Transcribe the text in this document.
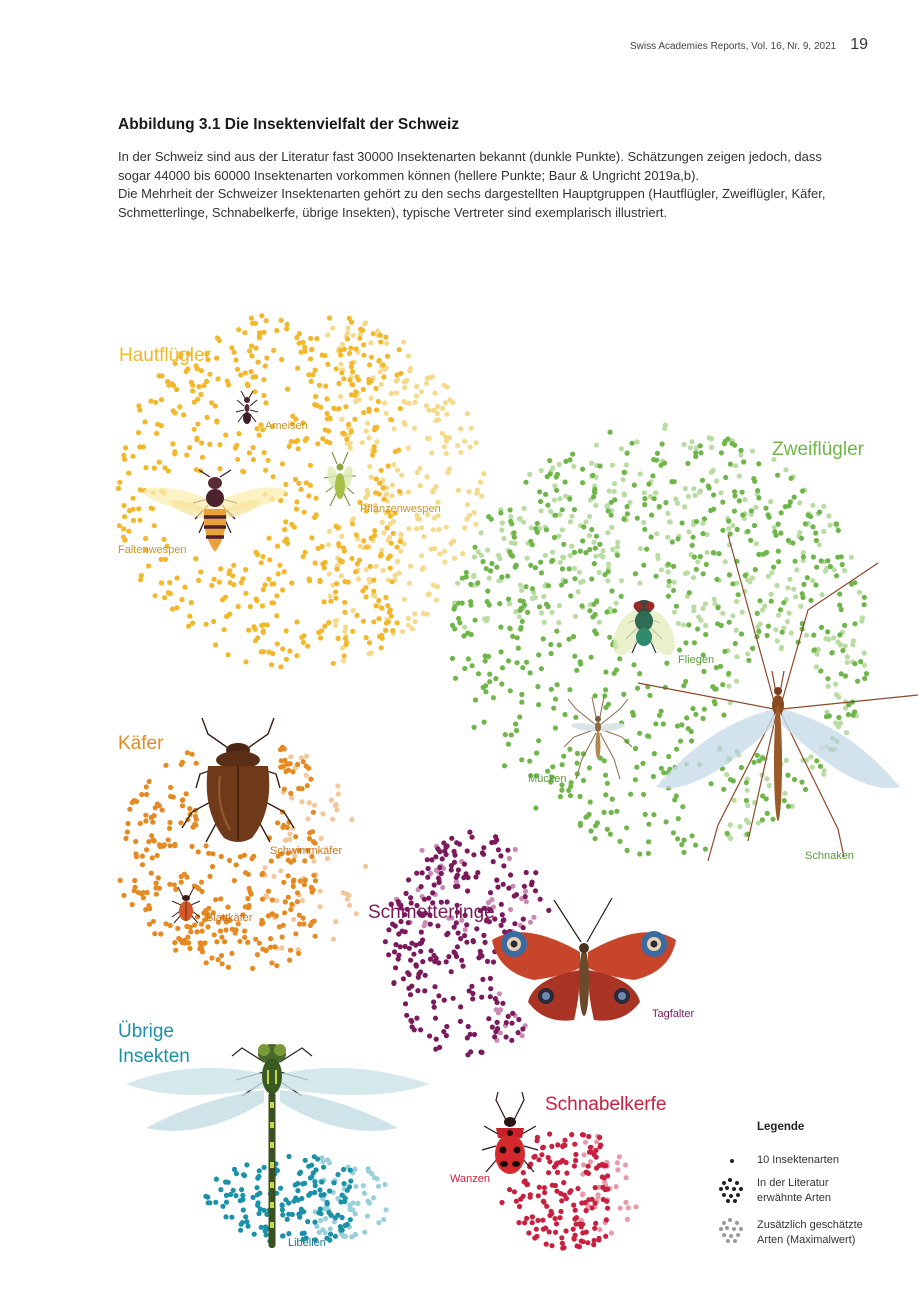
Swiss Academies Reports, Vol. 16, Nr. 9, 2021 19
Abbildung 3.1 Die Insektenvielfalt der Schweiz

In der Schweiz sind aus der Literatur fast 30000 Insektenarten bekannt (dunkle Punkte). Schätzungen zeigen jedoch, dass sogar 44000 bis 60000 Insektenarten vorkommen können (hellere Punkte; Baur & Ungricht 2019a,b).

Die Mehrheit der Schweizer Insektenarten gehört zu den sechs dargestellten Hauptgruppen (Hautflügler, Zweiflügler, Käfer, Schmetterlinge, Schnabelkerfe, übrige Insekten), typische Vertreter sind exemplarisch illustriert.

Hautflügler
Zweiflügler
Käfer
Schmetterlinge
Übrige
Insekten
Schnabelkerfe
Ameisen
Pflanzenwespen
Faltenwespen
Fliegen
Mücken
Schnaken
Schwimmkäfer
Blattkäfer
Tagfalter
Libellen
Wanzen
Legende
10 Insektenarten
In der Literatur
erwähnte Arten
Zusätzlich geschätzte
Arten (Maximalwert)
